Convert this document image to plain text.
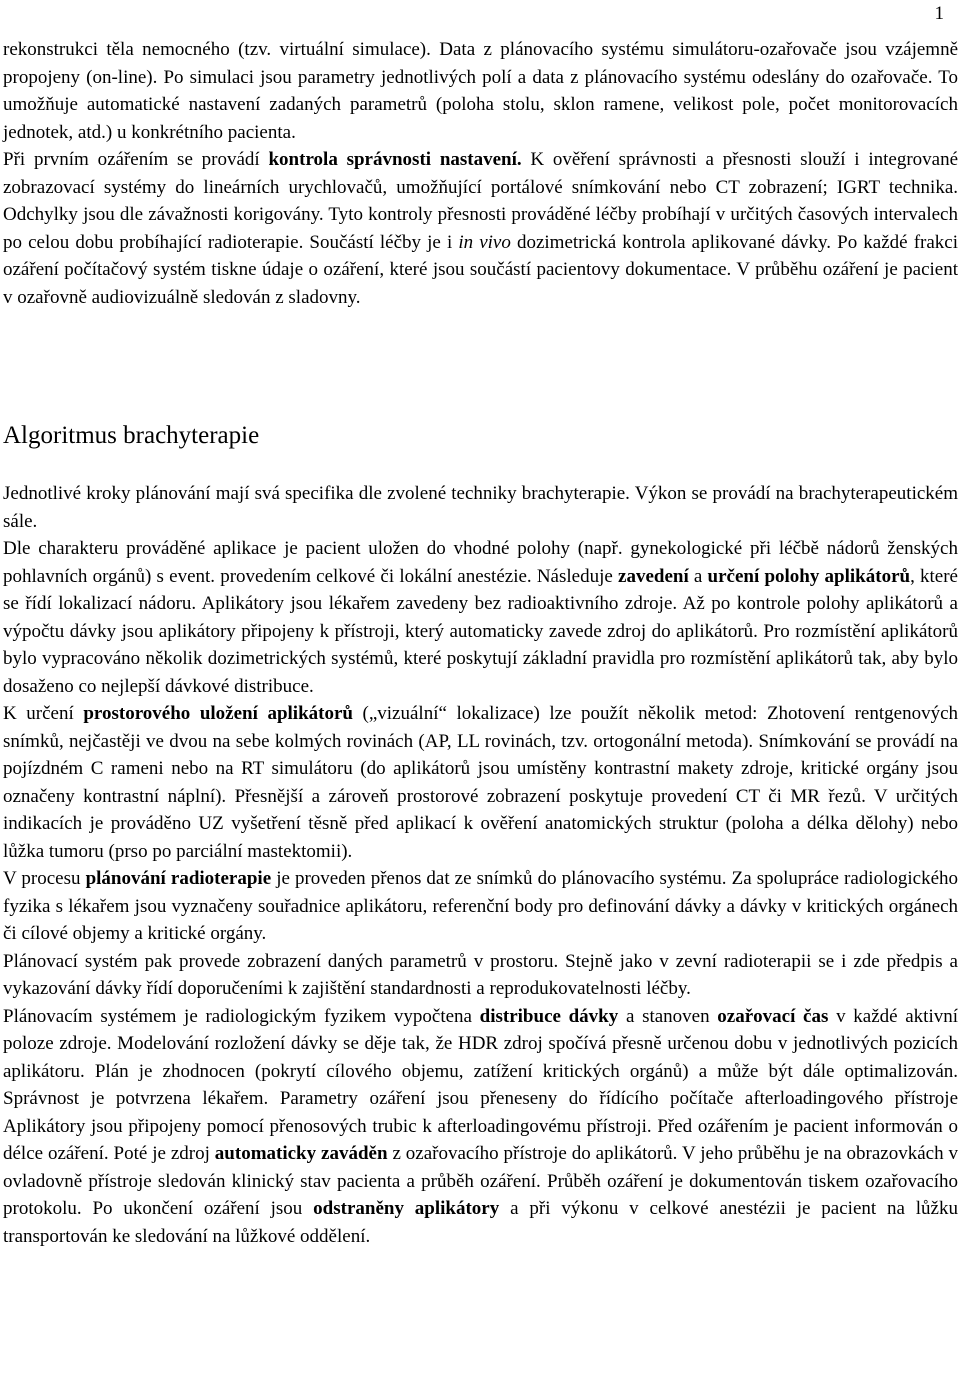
1

rekonstrukci těla nemocného (tzv. virtuální simulace). Data z plánovacího systému simulátoru-ozařovače jsou vzájemně propojeny (on-line). Po simulaci jsou parametry jednotlivých polí a data z plánovacího systému odeslány do ozařovače. To umožňuje automatické nastavení zadaných parametrů (poloha stolu, sklon ramene, velikost pole, počet monitorovacích jednotek, atd.) u konkrétního pacienta.

Při prvním ozářením se provádí kontrola správnosti nastavení. K ověření správnosti a přesnosti slouží i integrované zobrazovací systémy do lineárních urychlovačů, umožňující portálové snímkování nebo CT zobrazení; IGRT technika. Odchylky jsou dle závažnosti korigovány. Tyto kontroly přesnosti prováděné léčby probíhají v určitých časových intervalech po celou dobu probíhající radioterapie. Součástí léčby je i in vivo dozimetrická kontrola aplikované dávky. Po každé frakci ozáření počítačový systém tiskne údaje o ozáření, které jsou součástí pacientovy dokumentace. V průběhu ozáření je pacient v ozařovně audiovizuálně sledován z sladovny.

Algoritmus brachyterapie

Jednotlivé kroky plánování mají svá specifika dle zvolené techniky brachyterapie. Výkon se provádí na brachyterapeutickém sále.

Dle charakteru prováděné aplikace je pacient uložen do vhodné polohy (např. gynekologické při léčbě nádorů ženských pohlavních orgánů) s event. provedením celkové či lokální anestézie. Následuje zavedení a určení polohy aplikátorů, které se řídí lokalizací nádoru. Aplikátory jsou lékařem zavedeny bez radioaktivního zdroje. Až po kontrole polohy aplikátorů a výpočtu dávky jsou aplikátory připojeny k přístroji, který automaticky zavede zdroj do aplikátorů. Pro rozmístění aplikátorů bylo vypracováno několik dozimetrických systémů, které poskytují základní pravidla pro rozmístění aplikátorů tak, aby bylo dosaženo co nejlepší dávkové distribuce.

K určení prostorového uložení aplikátorů („vizuální“ lokalizace) lze použít několik metod: Zhotovení rentgenových snímků, nejčastěji ve dvou na sebe kolmých rovinách (AP, LL rovinách, tzv. ortogonální metoda). Snímkování se provádí na pojízdném C rameni nebo na RT simulátoru (do aplikátorů jsou umístěny kontrastní makety zdroje, kritické orgány jsou označeny kontrastní náplní). Přesnější a zároveň prostorové zobrazení poskytuje provedení CT či MR řezů. V určitých indikacích je prováděno UZ vyšetření těsně před aplikací k ověření anatomických struktur (poloha a délka dělohy) nebo lůžka tumoru (prso po parciální mastektomii).

V procesu plánování radioterapie je proveden přenos dat ze snímků do plánovacího systému. Za spolupráce radiologického fyzika s lékařem jsou vyznačeny souřadnice aplikátoru, referenční body pro definování dávky a dávky v kritických orgánech či cílové objemy a kritické orgány.

Plánovací systém pak provede zobrazení daných parametrů v prostoru. Stejně jako v zevní radioterapii se i zde předpis a vykazování dávky řídí doporučeními k zajištění standardnosti a reprodukovatelnosti léčby.

Plánovacím systémem je radiologickým fyzikem vypočtena distribuce dávky a stanoven ozařovací čas v každé aktivní poloze zdroje. Modelování rozložení dávky se děje tak, že HDR zdroj spočívá přesně určenou dobu v jednotlivých pozicích aplikátoru. Plán je zhodnocen (pokrytí cílového objemu, zatížení kritických orgánů) a může být dále optimalizován. Správnost je potvrzena lékařem. Parametry ozáření jsou přeneseny do řídícího počítače afterloadingového přístroje Aplikátory jsou připojeny pomocí přenosových trubic k afterloadingovému přístroji. Před ozářením je pacient informován o délce ozáření. Poté je zdroj automaticky zaváděn z ozařovacího přístroje do aplikátorů. V jeho průběhu je na obrazovkách v ovladovně přístroje sledován klinický stav pacienta a průběh ozáření. Průběh ozáření je dokumentován tiskem ozařovacího protokolu. Po ukončení ozáření jsou odstraněny aplikátory a při výkonu v celkové anestézii je pacient na lůžku transportován ke sledování na lůžkové oddělení.
